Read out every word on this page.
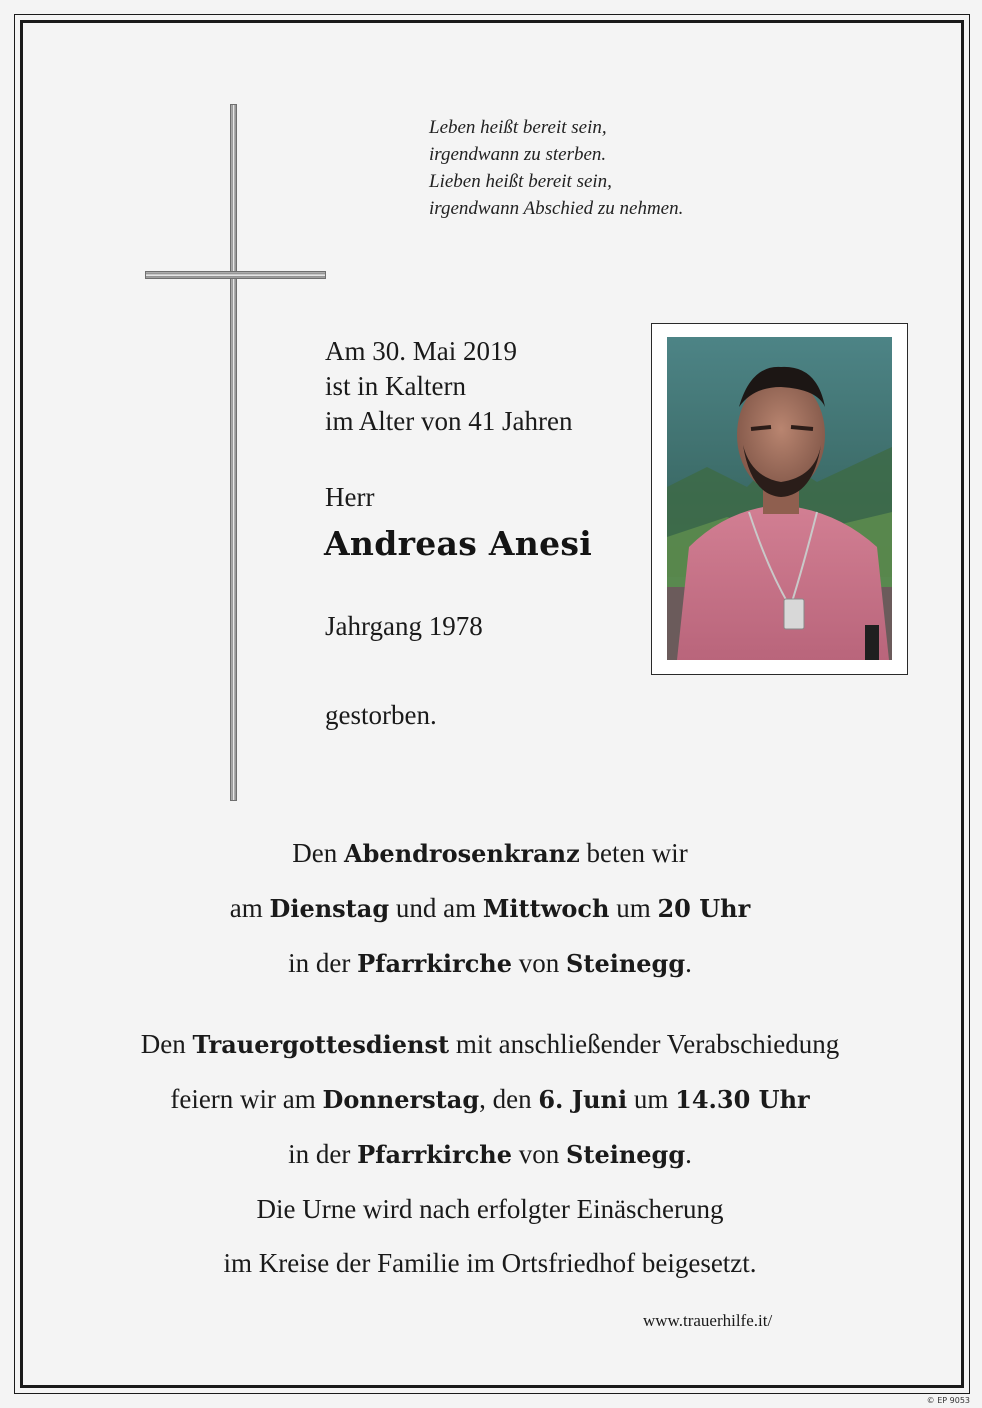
Leben heißt bereit sein,
irgendwann zu sterben.
Lieben heißt bereit sein,
irgendwann Abschied zu nehmen.
Am 30. Mai 2019
ist in Kaltern
im Alter von 41 Jahren
Herr
Andreas Anesi
Jahrgang 1978
gestorben.

Den Abendrosenkranz beten wir

am Dienstag und am Mittwoch um 20 Uhr

in der Pfarrkirche von Steinegg.

Den Trauergottesdienst mit anschließender Verabschiedung

feiern wir am Donnerstag, den 6. Juni um 14.30 Uhr

in der Pfarrkirche von Steinegg.

Die Urne wird nach erfolgter Einäscherung

im Kreise der Familie im Ortsfriedhof beigesetzt.

www.trauerhilfe.it/
© EP 9053
